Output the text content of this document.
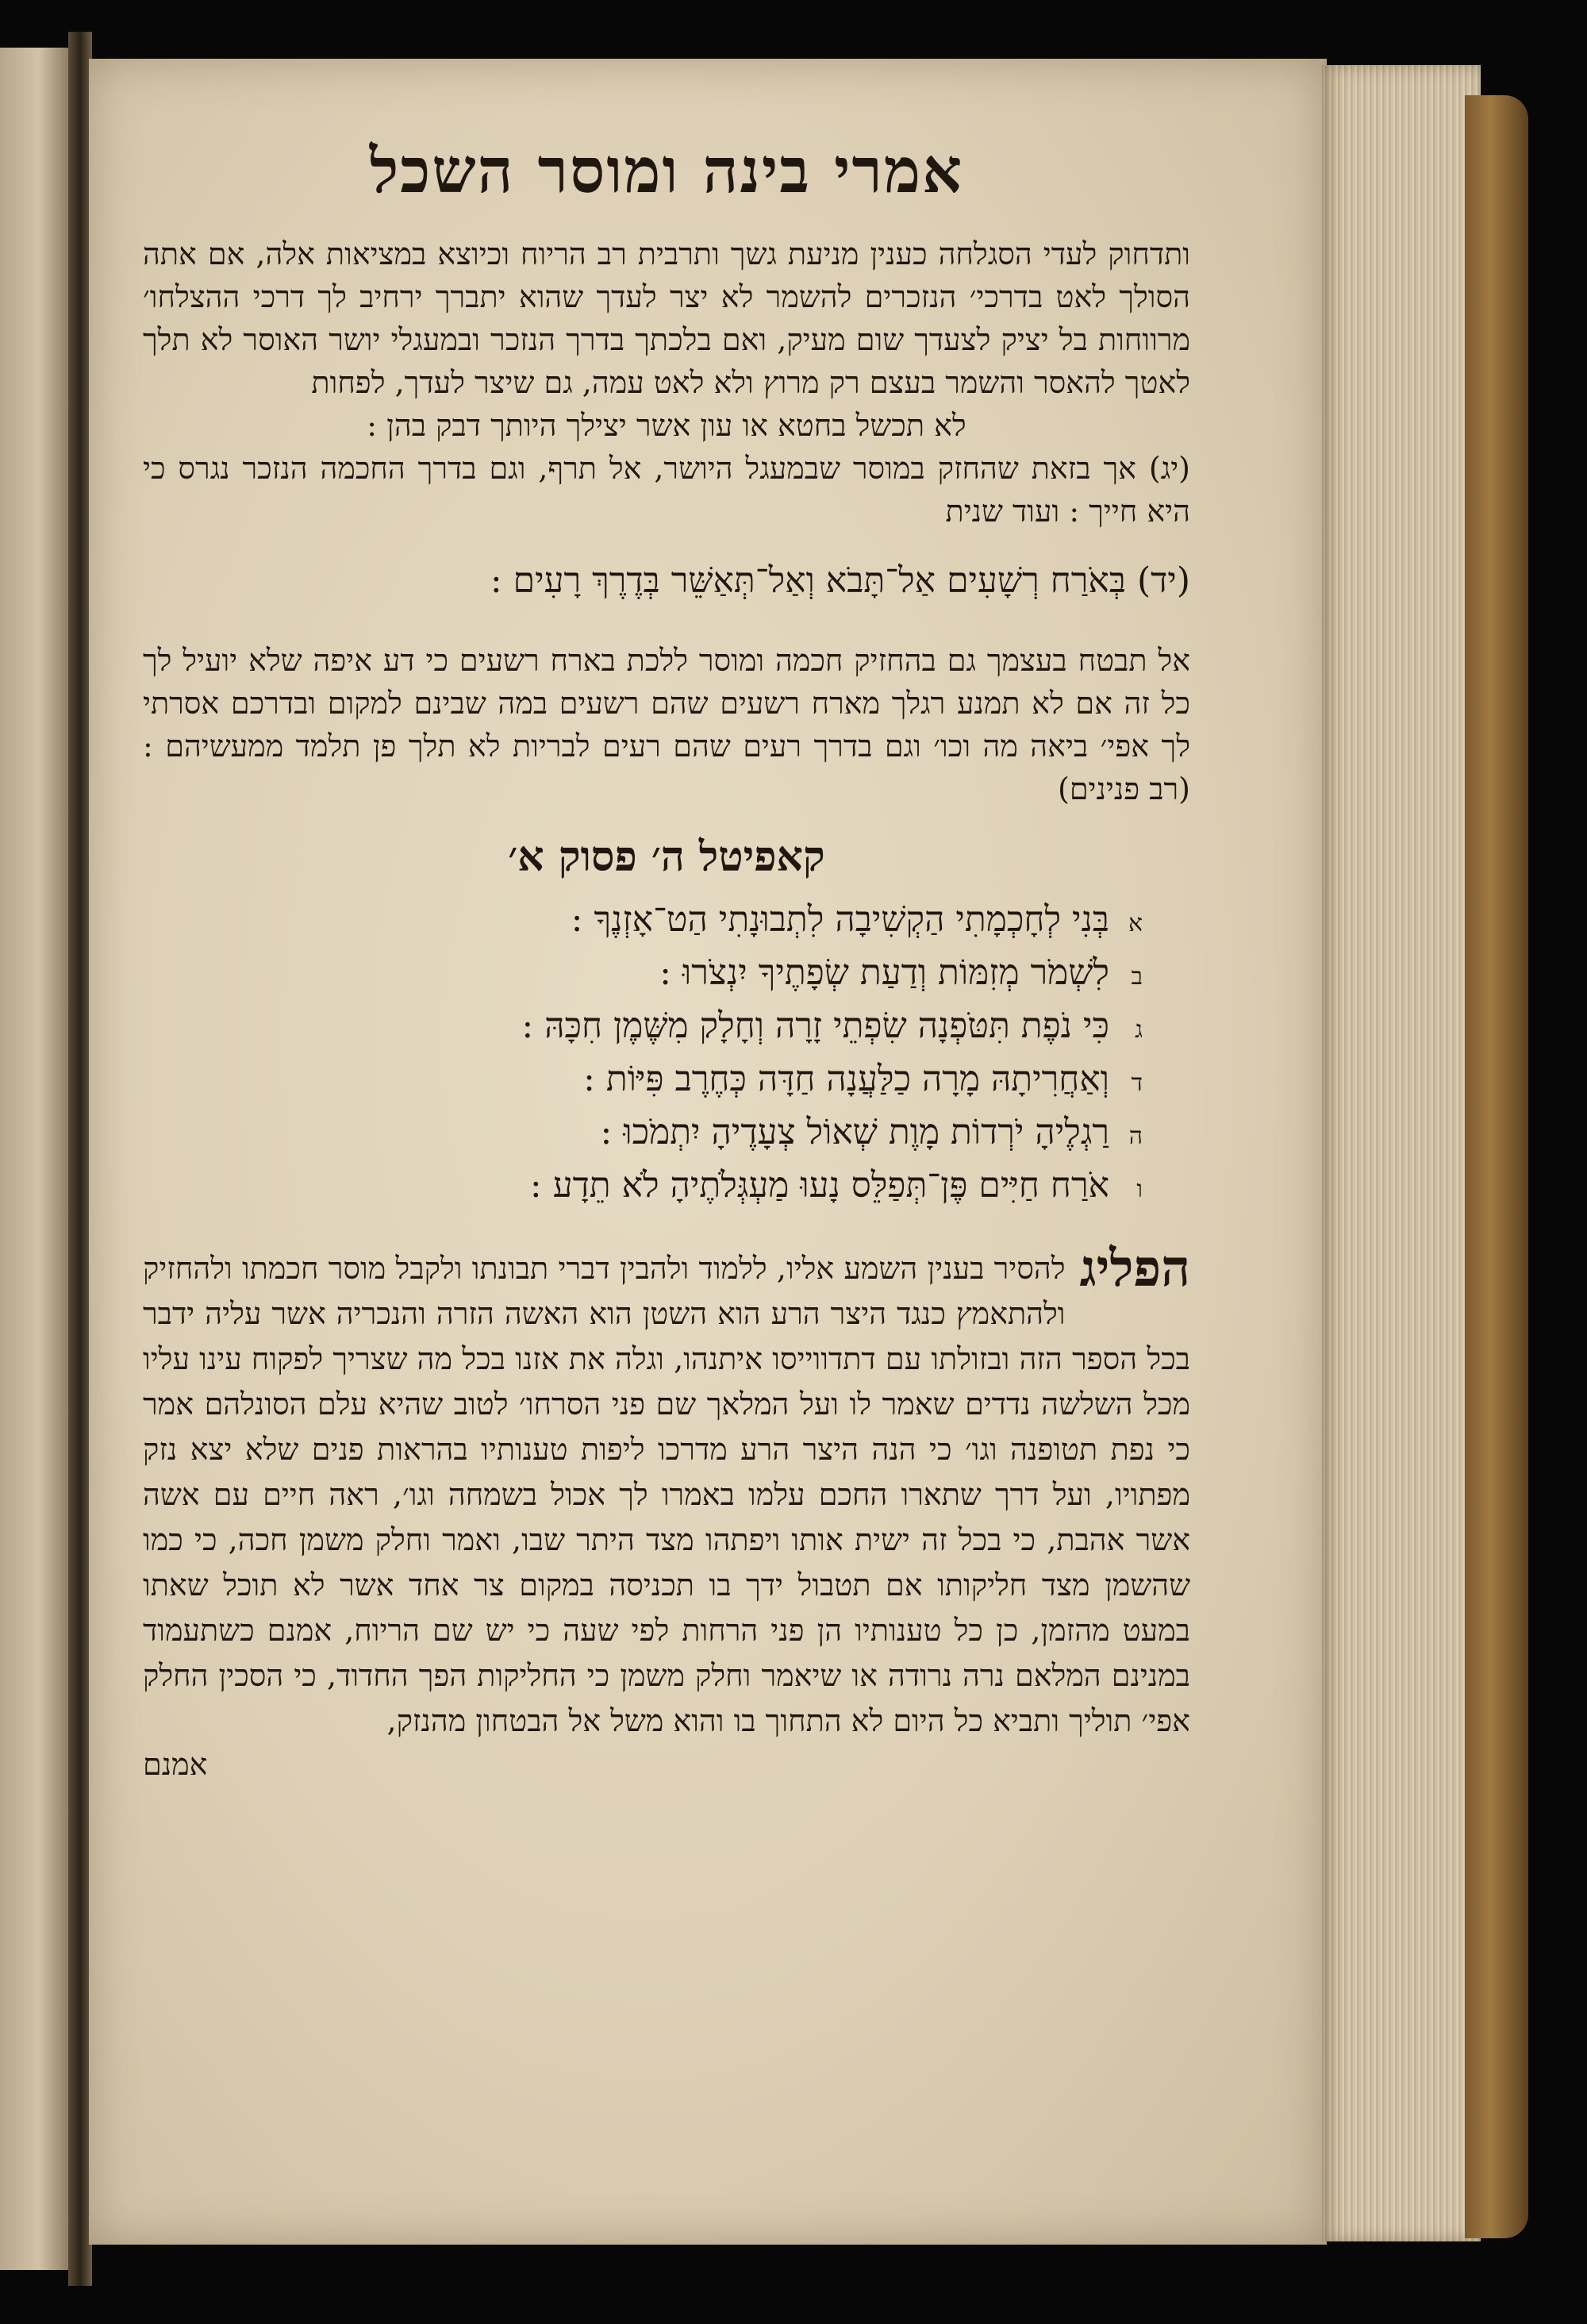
אמרי בינה ומוסר השכל

ותדחוק לעדי הסגלחה כענין מניעת גשך ותרבית רב הריוח וכיוצא במציאות אלה, אם אתה הסולך לאט בדרכי׳ הנזכרים להשמר לא יצר לעדך שהוא יתברך ירחיב לך דרכי ההצלחו׳ מרווחות בל יציק לצעדך שום מעיק, ואם בלכתך בדרך הנזכר ובמעגלי יושר האוסר לא תלך לאטך להאסר והשמר בעצם רק מרוץ ולא לאט עמה, גם שיצר לעדך, לפחות

לא תכשל בחטא או עון אשר יצילך היותך דבק בהן :

(יג) אך בזאת שהחזק במוסר שבמעגל היושר, אל תרף, וגם בדרך החכמה הנזכר נגרס כי היא חייך : ועוד שנית

(יד) בְּאֹרַח רְשָׁעִים אַל־תָּבֹא וְאַל־תְּאַשֵּׁר בְּדֶרֶךְ רָעִים :

אל תבטח בעצמך גם בהחזיק חכמה ומוסר ללכת בארח רשעים כי דע איפה שלא יועיל לך כל זה אם לא תמנע רגלך מארח רשעים שהם רשעים במה שבינם למקום ובדרכם אסרתי לך אפי׳ ביאה מה וכו׳ וגם בדרך רעים שהם רעים לבריות לא תלך פן תלמד ממעשיהם : (רב פנינים)

קאפיטל ה׳ פסוק א׳

א בְּנִי לְחָכְמָתִי הַקְשִׁיבָה לִתְבוּנָתִי הַט־אָזְנֶךָ :

ב לִשְׁמֹר מְזִמּוֹת וְדַעַת שְׂפָתֶיךָ יִנְצֹרוּ :

ג כִּי נֹפֶת תִּטֹּפְנָה שִׂפְתֵי זָרָה וְחָלָק מִשֶּׁמֶן חִכָּהּ :

ד וְאַחֲרִיתָהּ מָרָה כַלַּעֲנָה חַדָּה כְּחֶרֶב פִּיּוֹת :

ה רַגְלֶיהָ יֹרְדוֹת מָוֶת שְׁאוֹל צְעָדֶיהָ יִתְמֹכוּ :

ו אֹרַח חַיִּים פֶּן־תְּפַלֵּס נָעוּ מַעְגְּלֹתֶיהָ לֹא תֵדָע :

הפליג

להסיר בענין השמע אליו, ללמוד ולהבין דברי תבונתו ולקבל מוסר חכמתו ולהחזיק ולהתאמץ כנגד היצר הרע הוא השטן הוא האשה הזרה והנכריה אשר עליה ידבר בכל הספר הזה ובזולתו עם דתדווייסו איתנהו, וגלה את אזנו בכל מה שצריך לפקוח עינו עליו מכל השלשה נדדים שאמר לו ועל המלאך שם פני הסרחו׳ לטוב שהיא עלם הסונלהם אמר כי נפת תטופנה וגו׳ כי הנה היצר הרע מדרכו ליפות טענותיו בהראות פנים שלא יצא נזק מפתויו, ועל דרך שתארו החכם עלמו באמרו לך אכול בשמחה וגו׳, ראה חיים עם אשה אשר אהבת, כי בכל זה ישית אותו ויפתהו מצד היתר שבו, ואמר וחלק משמן חכה, כי כמו שהשמן מצד חליקותו אם תטבול ידך בו תכניסה במקום צר אחד אשר לא תוכל שאתו במעט מהזמן, כן כל טענותיו הן פני הרחות לפי שעה כי יש שם הריוח, אמנם כשתעמוד במנינם המלאם נרה נרודה או שיאמר וחלק משמן כי החליקות הפך החדוד, כי הסכין החלק אפי׳ תוליך ותביא כל היום לא התחוך בו והוא משל אל הבטחון מהנזק,

אמנם
